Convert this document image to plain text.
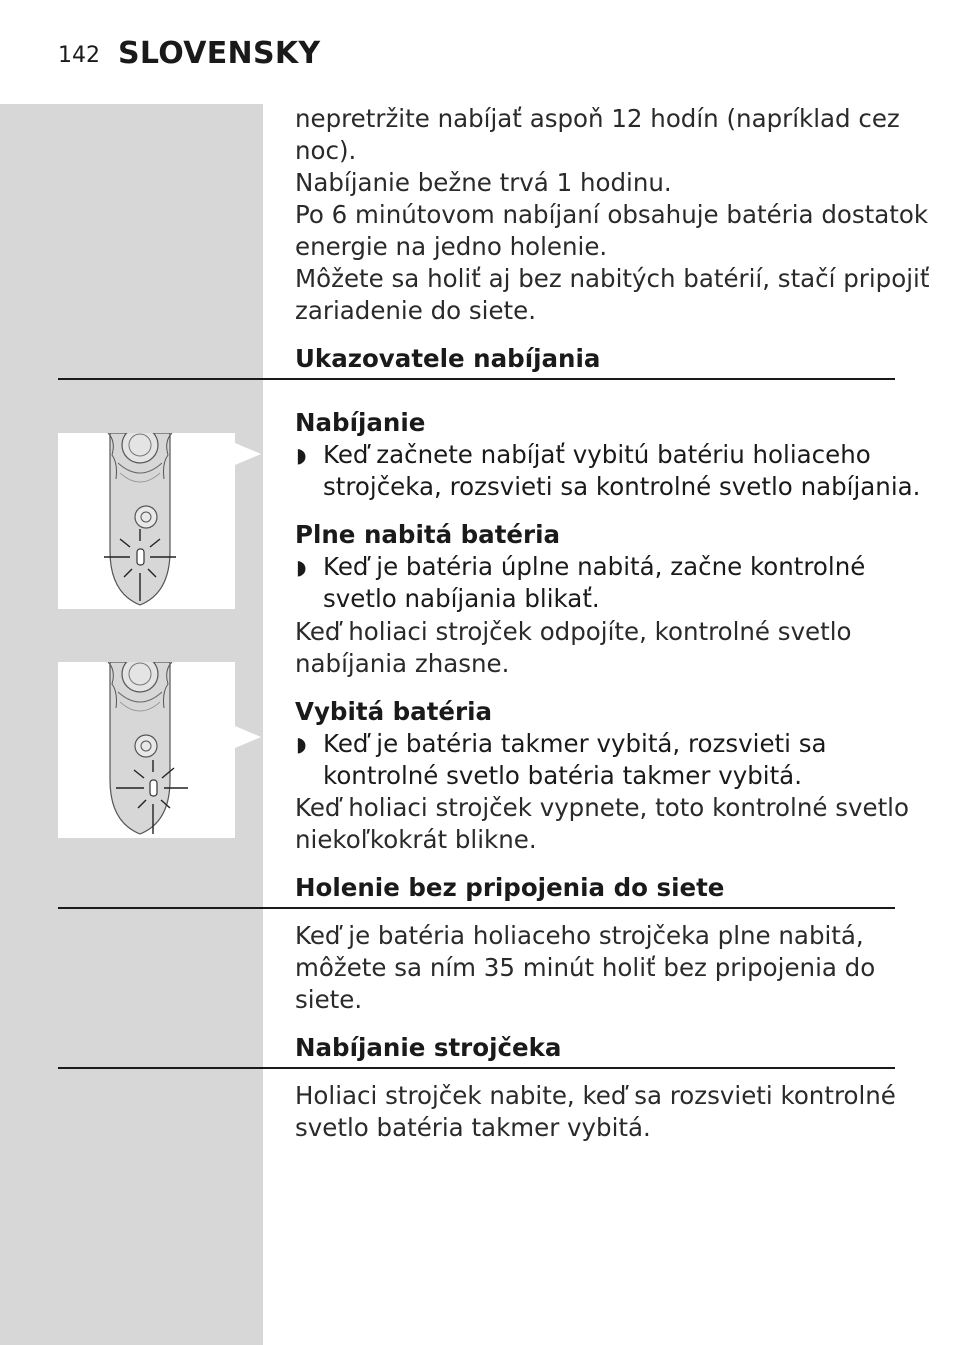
142 SLOVENSKY
nepretržite nabíjať aspoň 12 hodín (napríklad cez
noc).
Nabíjanie bežne trvá 1 hodinu.
Po 6 minútovom nabíjaní obsahuje batéria dostatok
energie na jedno holenie.
Môžete sa holiť aj bez nabitých batérií, stačí pripojiť
zariadenie do siete.
Ukazovatele nabíjania
Nabíjanie
◗ Keď začnete nabíjať vybitú batériu holiaceho
strojčeka, rozsvieti sa kontrolné svetlo nabíjania.
Plne nabitá batéria
◗ Keď je batéria úplne nabitá, začne kontrolné
svetlo nabíjania blikať.
Keď holiaci strojček odpojíte, kontrolné svetlo
nabíjania zhasne.
Vybitá batéria
◗ Keď je batéria takmer vybitá, rozsvieti sa
kontrolné svetlo batéria takmer vybitá.
Keď holiaci strojček vypnete, toto kontrolné svetlo
niekoľkokrát blikne.
Holenie bez pripojenia do siete
Keď je batéria holiaceho strojčeka plne nabitá,
môžete sa ním 35 minút holiť bez pripojenia do
siete.
Nabíjanie strojčeka
Holiaci strojček nabite, keď sa rozsvieti kontrolné
svetlo batéria takmer vybitá.
